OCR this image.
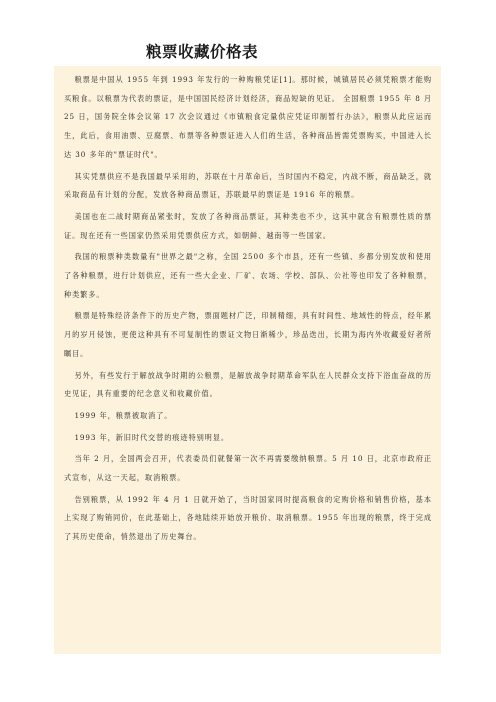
粮票收藏价格表

粮票是中国从 1955 年到 1993 年发行的一种购粮凭证[1]。那时候，城镇居民必须凭粮票才能购买粮食。以粮票为代表的票证，是中国国民经济计划经济，商品短缺的见证。 全国粮票 1955 年 8 月 25 日，国务院全体会议第 17 次会议通过《市镇粮食定量供应凭证印制暂行办法》，粮票从此应运而生，此后，食用油票、豆腐票、布票等各种票证进入人们的生活，各种商品皆需凭票购买，中国进入长达 30 多年的"票证时代"。

其实凭票供应不是我国最早采用的，苏联在十月革命后，当时国内不稳定，内战不断，商品缺乏，就采取商品有计划的分配，发放各种商品票证，苏联最早的票证是 1916 年的粮票。

美国也在二战时期商品紧张时，发放了各种商品票证，其种类也不少，这其中就含有粮票性质的票证。现在还有一些国家仍然采用凭票供应方式，如朝鲜、越南等一些国家。

我国的粮票种类数量有"世界之最"之称，全国 2500 多个市县，还有一些镇、乡都分别发放和使用了各种粮票，进行计划供应，还有一些大企业、厂矿、农场、学校、部队、公社等也印发了各种粮票，种类繁多。

粮票是特殊经济条件下的历史产物，票面题材广泛，印制精细，具有时间性、地域性的特点，经年累月的岁月侵蚀，更使这种具有不可复制性的票证文物日渐稀少，珍品迭出，长期为海内外收藏爱好者所瞩目。

另外，有些发行于解放战争时期的公粮票，是解放战争时期革命军队在人民群众支持下浴血奋战的历史见证，具有重要的纪念意义和收藏价值。

1999 年，粮票被取消了。

1993 年，新旧时代交替的痕迹特别明显。

当年 2 月，全国两会召开，代表委员们就餐第一次不再需要缴纳粮票。5 月 10 日，北京市政府正式宣布，从这一天起，取消粮票。

告别粮票，从 1992 年 4 月 1 日就开始了，当时国家同时提高粮食的定购价格和销售价格，基本上实现了购销同价，在此基础上，各地陆续开始放开粮价、取消粮票。1955 年出现的粮票，终于完成了其历史使命，悄然退出了历史舞台。
